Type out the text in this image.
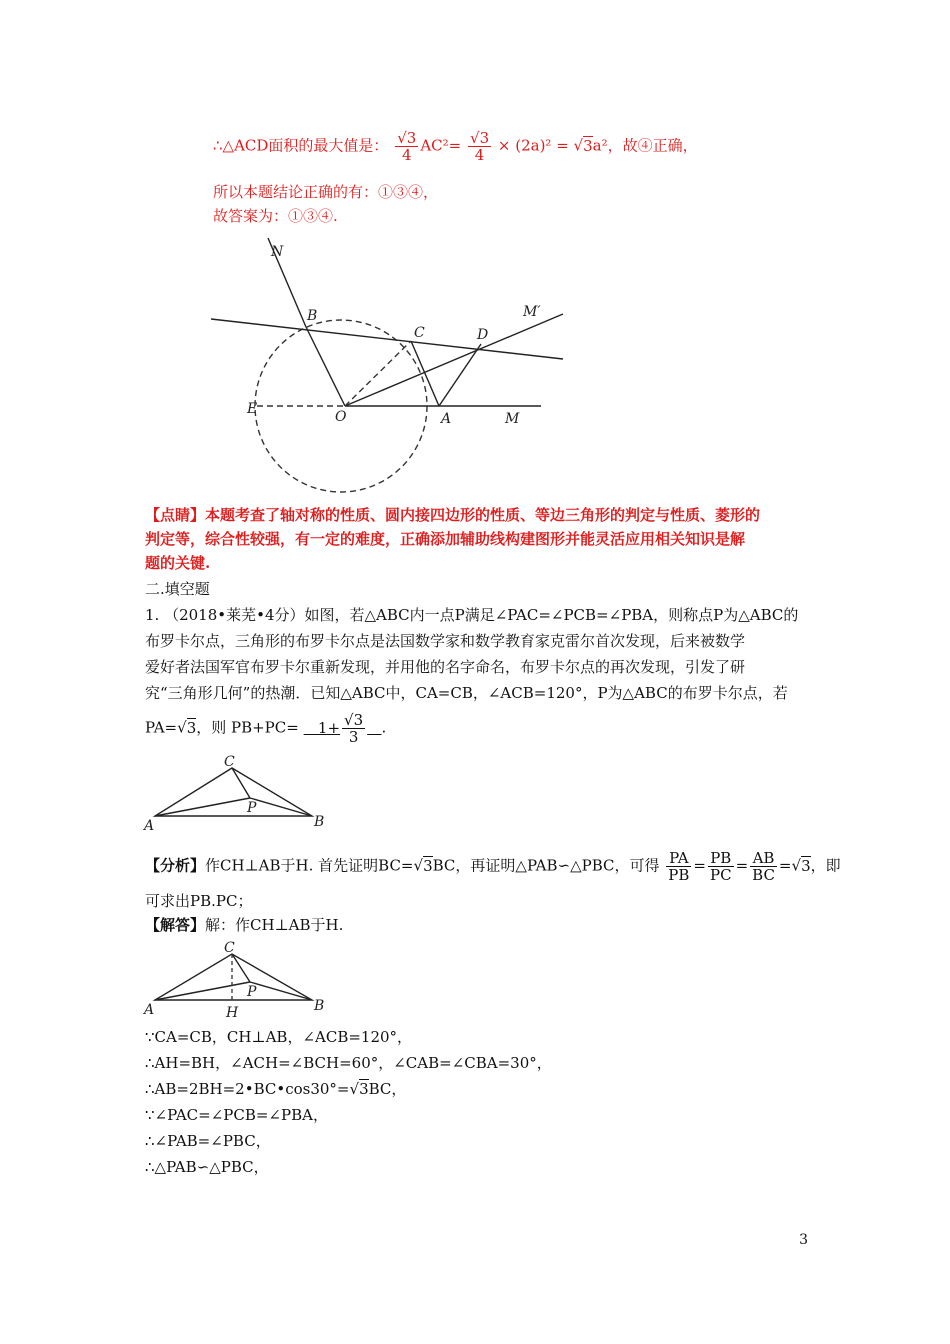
∴△ACD面积的最大值是： $\frac{√3}{4} AC^2= \frac{√3}{4} \times (2a)^2 = √3a^2$，故④正确，
所以本题结论正确的有：①③④，
故答案为：①③④.
N
B
C	D
M′
E	O	A	M
【点睛】本题考查了轴对称的性质、圆内接四边形的性质、等边三角形的判定与性质、菱形的
判定等，综合性较强，有一定的难度，正确添加辅助线构建图形并能灵活应用相关知识是解
题的关键.
二.填空题
1. （2018•莱芜•4分）如图，若△ABC内一点P满足∠PAC=∠PCB=∠PBA，则称点P为△ABC的
布罗卡尔点，三角形的布罗卡尔点是法国数学家和数学教育家克雷尔首次发现，后来被数学
爱好者法国军官布罗卡尔重新发现，并用他的名字命名，布罗卡尔点的再次发现，引发了研
究“三角形几何”的热潮．已知△ABC中，CA=CB，∠ACB=120°，P为△ABC的布罗卡尔点，若
PA=√3，则 $PB+PC= 1+ \frac{√3}{3}$ .
A	B
C
P
【分析】作CH⊥AB于H. 首先证明BC=√3BC，再证明△PAB∽△PBC，可得 $\frac{PA}{PB} = \frac{PB}{PC} = \frac{AB}{BC} =√3$，即
可求出PB.PC；
【解答】解：作CH⊥AB于H.
A	B
C
P
H
∵CA=CB，CH⊥AB，∠ACB=120°，
∴AH=BH，∠ACH=∠BCH=60°，∠CAB=∠CBA=30°，
∴AB=2BH=2•BC•cos30°=√3BC，
∵∠PAC=∠PCB=∠PBA，
∴∠PAB=∠PBC，
∴△PAB∽△PBC，
3
